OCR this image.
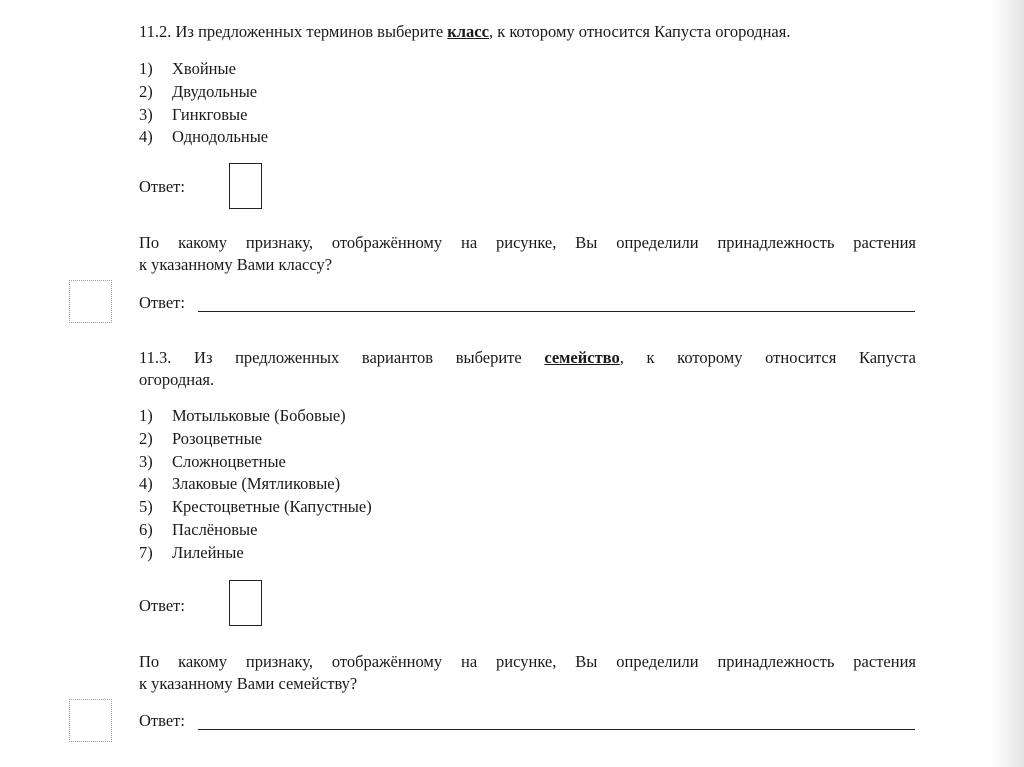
11.2. Из предложенных терминов выберите класс, к которому относится Капуста огородная.
1)	Хвойные
2)	Двудольные
3)	Гинкговые
4)	Однодольные
Ответ:
По какому признаку, отображённому на рисунке, Вы определили принадлежность растения
к указанному Вами классу?
Ответ:
11.3. Из предложенных вариантов выберите семейство, к которому относится Капуста
огородная.
1)	Мотыльковые (Бобовые)
2)	Розоцветные
3)	Сложноцветные
4)	Злаковые (Мятликовые)
5)	Крестоцветные (Капустные)
6)	Паслёновые
7)	Лилейные
Ответ:
По какому признаку, отображённому на рисунке, Вы определили принадлежность растения
к указанному Вами семейству?
Ответ:
